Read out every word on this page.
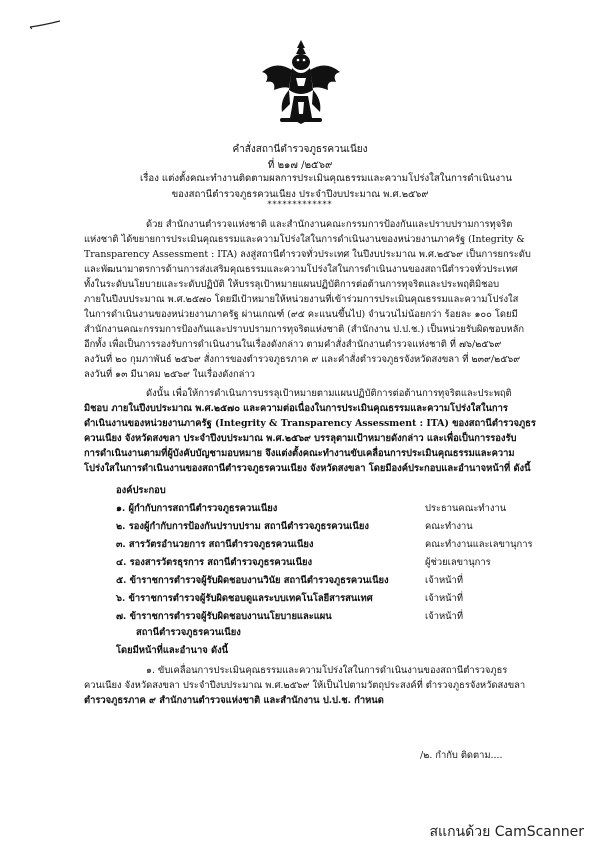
คำสั่งสถานีตำรวจภูธรควนเนียง
ที่ ๒๑๗ /๒๕๖๙
เรื่อง แต่งตั้งคณะทำงานติดตามผลการประเมินคุณธรรมและความโปร่งใสในการดำเนินงาน
ของสถานีตำรวจภูธรควนเนียง ประจำปีงบประมาณ พ.ศ.๒๕๖๙
*************
ด้วย สำนักงานตำรวจแห่งชาติ และสำนักงานคณะกรรมการป้องกันและปราบปรามการทุจริต
แห่งชาติ ได้ขยายการประเมินคุณธรรมและความโปร่งใสในการดำเนินงานของหน่วยงานภาครัฐ (Integrity &
Transparency Assessment : ITA) ลงสู่สถานีตำรวจทั่วประเทศ ในปีงบประมาณ พ.ศ.๒๕๖๙ เป็นการยกระดับ
และพัฒนามาตรการด้านการส่งเสริมคุณธรรมและความโปร่งใสในการดำเนินงานของสถานีตำรวจทั่วประเทศ
ทั้งในระดับนโยบายและระดับปฏิบัติ ให้บรรลุเป้าหมายแผนปฏิบัติการต่อต้านการทุจริตและประพฤติมิชอบ
ภายในปีงบประมาณ พ.ศ.๒๕๗๐ โดยมีเป้าหมายให้หน่วยงานที่เข้าร่วมการประเมินคุณธรรมและความโปร่งใส
ในการดำเนินงานของหน่วยงานภาครัฐ ผ่านเกณฑ์ (๙๕ คะแนนขึ้นไป) จำนวนไม่น้อยกว่า ร้อยละ ๑๐๐ โดยมี
สำนักงานคณะกรรมการป้องกันและปราบปรามการทุจริตแห่งชาติ (สำนักงาน ป.ป.ช.) เป็นหน่วยรับผิดชอบหลัก
อีกทั้ง เพื่อเป็นการรองรับการดำเนินงานในเรื่องดังกล่าว ตามคำสั่งสำนักงานตำรวจแห่งชาติ ที่ ๗๖/๒๕๖๙
ลงวันที่ ๒๐ กุมภาพันธ์ ๒๕๖๙ สั่งการของตำรวจภูธรภาค ๙ และคำสั่งตำรวจภูธรจังหวัดสงขลา ที่ ๒๓๙/๒๕๖๙
ลงวันที่ ๑๓ มีนาคม ๒๕๖๙ ในเรื่องดังกล่าว
ดังนั้น เพื่อให้การดำเนินการบรรลุเป้าหมายตามแผนปฏิบัติการต่อต้านการทุจริตและประพฤติ
มิชอบ ภายในปีงบประมาณ พ.ศ.๒๕๗๐ และความต่อเนื่องในการประเมินคุณธรรมและความโปร่งใสในการ
ดำเนินงานของหน่วยงานภาครัฐ (Integrity & Transparency Assessment : ITA) ของสถานีตำรวจภูธร
ควนเนียง จังหวัดสงขลา ประจำปีงบประมาณ พ.ศ.๒๕๖๙ บรรลุตามเป้าหมายดังกล่าว และเพื่อเป็นการรองรับ
การดำเนินงานตามที่ผู้บังคับบัญชามอบหมาย จึงแต่งตั้งคณะทำงานขับเคลื่อนการประเมินคุณธรรมและความ
โปร่งใสในการดำเนินงานของสถานีตำรวจภูธรควนเนียง จังหวัดสงขลา โดยมีองค์ประกอบและอำนาจหน้าที่ ดังนี้
องค์ประกอบ
๑. ผู้กำกับการสถานีตำรวจภูธรควนเนียง	ประธานคณะทำงาน
๒. รองผู้กำกับการป้องกันปราบปราม สถานีตำรวจภูธรควนเนียง	คณะทำงาน
๓. สารวัตรอำนวยการ สถานีตำรวจภูธรควนเนียง	คณะทำงานและเลขานุการ
๔. รองสารวัตรธุรการ สถานีตำรวจภูธรควนเนียง	ผู้ช่วยเลขานุการ
๕. ข้าราชการตำรวจผู้รับผิดชอบงานวินัย สถานีตำรวจภูธรควนเนียง	เจ้าหน้าที่
๖. ข้าราชการตำรวจผู้รับผิดชอบดูแลระบบเทคโนโลยีสารสนเทศ	เจ้าหน้าที่
๗. ข้าราชการตำรวจผู้รับผิดชอบงานนโยบายและแผน	เจ้าหน้าที่
สถานีตำรวจภูธรควนเนียง
โดยมีหน้าที่และอำนาจ ดังนี้
๑. ขับเคลื่อนการประเมินคุณธรรมและความโปร่งใสในการดำเนินงานของสถานีตำรวจภูธร
ควนเนียง จังหวัดสงขลา ประจำปีงบประมาณ พ.ศ.๒๕๖๙ ให้เป็นไปตามวัตถุประสงค์ที่ ตำรวจภูธรจังหวัดสงขลา
ตำรวจภูธรภาค ๙ สำนักงานตำรวจแห่งชาติ และสำนักงาน ป.ป.ช. กำหนด
/๒. กำกับ ติดตาม....
สแกนด้วย CamScanner
